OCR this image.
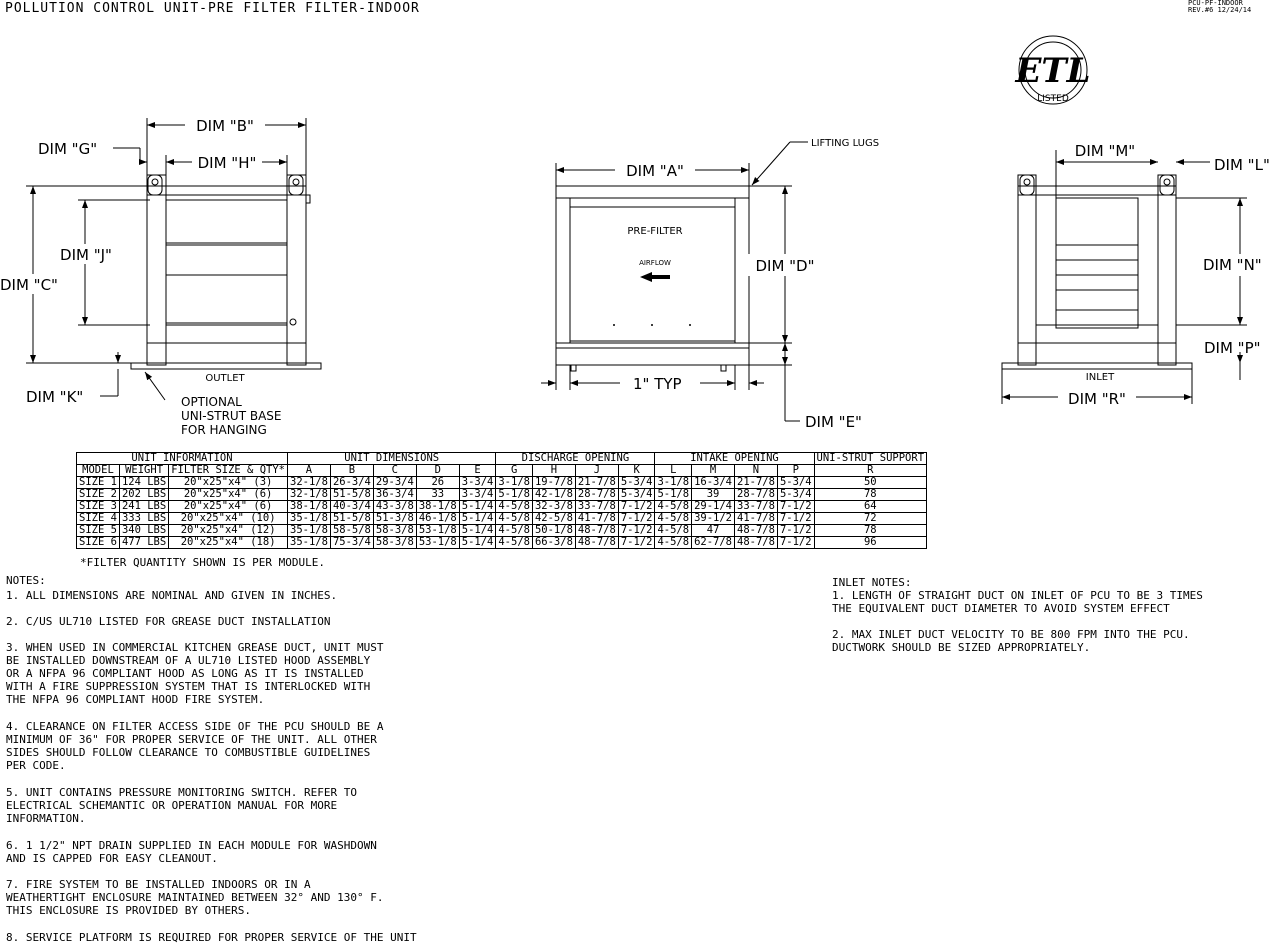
POLLUTION CONTROL UNIT-PRE FILTER FILTER-INDOOR	PCU-PF-INDOOR
REV.#6 12/24/14
ETL
LISTED
DIM "B"
DIM "H"
DIM "G"
DIM "J"
DIM "C"
DIM "K"
OUTLET
OPTIONAL
UNI-STRUT BASE
FOR HANGING
PRE-FILTER
AIRFLOW
DIM "A"
LIFTING LUGS
DIM "D"
1" TYP
DIM "E"
DIM "M"
DIM "L"
DIM "N"
DIM "P"
DIM "R"
INLET
UNIT INFORMATION			UNIT DIMENSIONS					DISCHARGE OPENING				INTAKE OPENING				UNI-STRUT SUPPORT
MODEL	WEIGHT	FILTER SIZE & QTY*	A	B	C	D	E	G	H	J	K	L	M	N	P	R
SIZE 1	124 LBS	20"x25"x4" (3)	32-1/8	26-3/4	29-3/4	26	3-3/4	3-1/8	19-7/8	21-7/8	5-3/4	3-1/8	16-3/4	21-7/8	5-3/4	50
SIZE 2	202 LBS	20"x25"x4" (6)	32-1/8	51-5/8	36-3/4	33	3-3/4	5-1/8	42-1/8	28-7/8	5-3/4	5-1/8	39	28-7/8	5-3/4	78
SIZE 3	241 LBS	20"x25"x4" (6)	38-1/8	40-3/4	43-3/8	38-1/8	5-1/4	4-5/8	32-3/8	33-7/8	7-1/2	4-5/8	29-1/4	33-7/8	7-1/2	64
SIZE 4	333 LBS	20"x25"x4" (10)	35-1/8	51-5/8	51-3/8	46-1/8	5-1/4	4-5/8	42-5/8	41-7/8	7-1/2	4-5/8	39-1/2	41-7/8	7-1/2	72
SIZE 5	340 LBS	20"x25"x4" (12)	35-1/8	58-5/8	58-3/8	53-1/8	5-1/4	4-5/8	50-1/8	48-7/8	7-1/2	4-5/8	47	48-7/8	7-1/2	78
SIZE 6	477 LBS	20"x25"x4" (18)	35-1/8	75-3/4	58-3/8	53-1/8	5-1/4	4-5/8	66-3/8	48-7/8	7-1/2	4-5/8	62-7/8	48-7/8	7-1/2	96
*FILTER QUANTITY SHOWN IS PER MODULE.
NOTES:
1. ALL DIMENSIONS ARE NOMINAL AND GIVEN IN INCHES.
2. C/US UL710 LISTED FOR GREASE DUCT INSTALLATION
3. WHEN USED IN COMMERCIAL KITCHEN GREASE DUCT, UNIT MUST
BE INSTALLED DOWNSTREAM OF A UL710 LISTED HOOD ASSEMBLY
OR A NFPA 96 COMPLIANT HOOD AS LONG AS IT IS INSTALLED
WITH A FIRE SUPPRESSION SYSTEM THAT IS INTERLOCKED WITH
THE NFPA 96 COMPLIANT HOOD FIRE SYSTEM.
4. CLEARANCE ON FILTER ACCESS SIDE OF THE PCU SHOULD BE A
MINIMUM OF 36" FOR PROPER SERVICE OF THE UNIT. ALL OTHER
SIDES SHOULD FOLLOW CLEARANCE TO COMBUSTIBLE GUIDELINES
PER CODE.
5. UNIT CONTAINS PRESSURE MONITORING SWITCH. REFER TO
ELECTRICAL SCHEMANTIC OR OPERATION MANUAL FOR MORE
INFORMATION.
6. 1 1/2" NPT DRAIN SUPPLIED IN EACH MODULE FOR WASHDOWN
AND IS CAPPED FOR EASY CLEANOUT.
7. FIRE SYSTEM TO BE INSTALLED INDOORS OR IN A
WEATHERTIGHT ENCLOSURE MAINTAINED BETWEEN 32° AND 130° F.
THIS ENCLOSURE IS PROVIDED BY OTHERS.
8. SERVICE PLATFORM IS REQUIRED FOR PROPER SERVICE OF THE UNIT
INLET NOTES:
1. LENGTH OF STRAIGHT DUCT ON INLET OF PCU TO BE 3 TIMES
THE EQUIVALENT DUCT DIAMETER TO AVOID SYSTEM EFFECT
2. MAX INLET DUCT VELOCITY TO BE 800 FPM INTO THE PCU.
DUCTWORK SHOULD BE SIZED APPROPRIATELY.
